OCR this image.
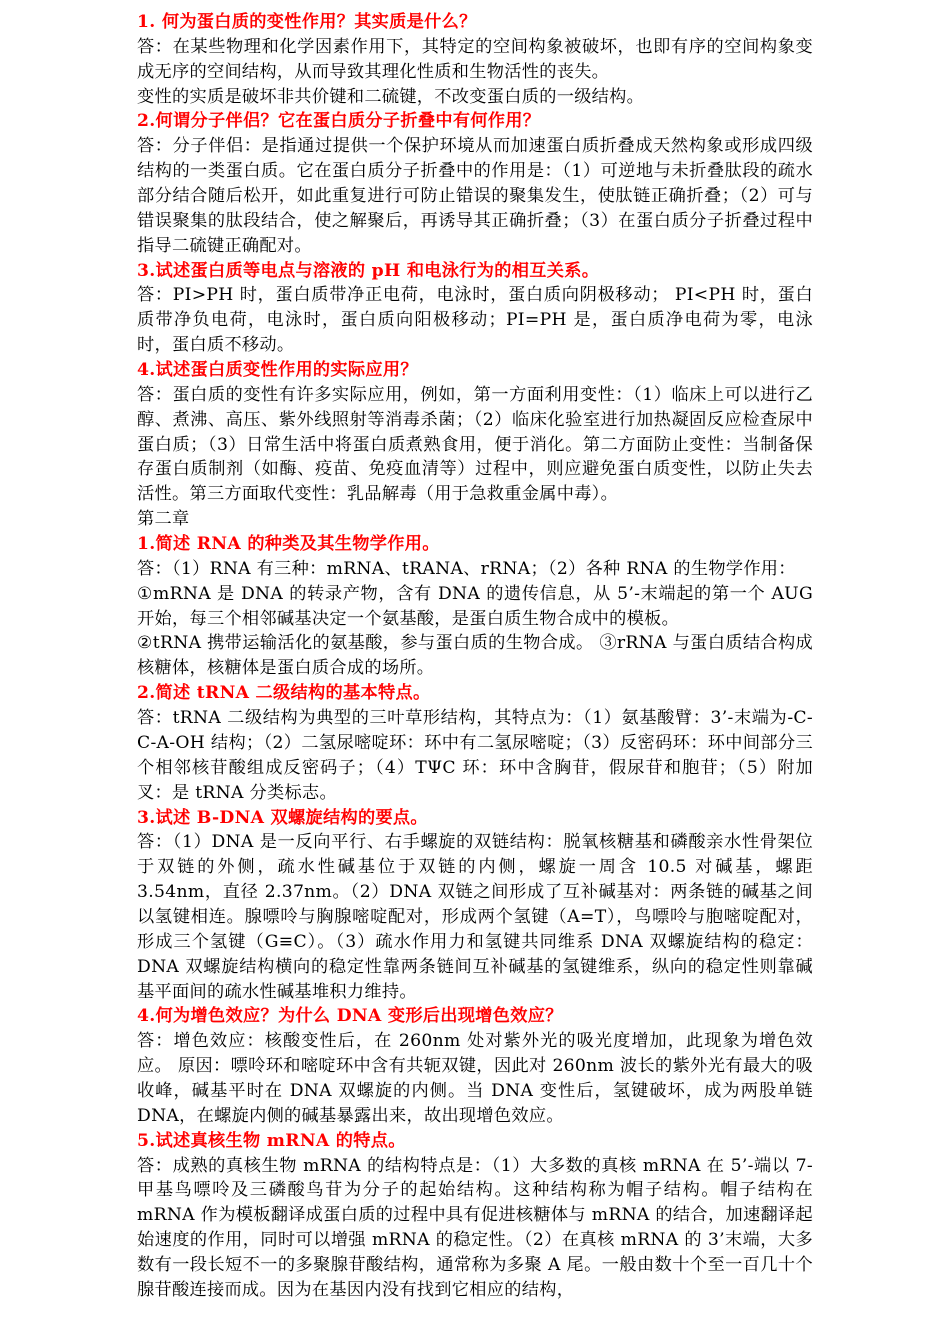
1. 何为蛋白质的变性作用？其实质是什么？

答：在某些物理和化学因素作用下，其特定的空间构象被破坏，也即有序的空间构象变成无序的空间结构，从而导致其理化性质和生物活性的丧失。

变性的实质是破坏非共价键和二硫键，不改变蛋白质的一级结构。

2.何谓分子伴侣？它在蛋白质分子折叠中有何作用？

答：分子伴侣：是指通过提供一个保护环境从而加速蛋白质折叠成天然构象或形成四级结构的一类蛋白质。它在蛋白质分子折叠中的作用是：（1）可逆地与未折叠肽段的疏水部分结合随后松开，如此重复进行可防止错误的聚集发生，使肽链正确折叠；（2）可与错误聚集的肽段结合，使之解聚后，再诱导其正确折叠；（3）在蛋白质分子折叠过程中指导二硫键正确配对。

3.试述蛋白质等电点与溶液的 pH 和电泳行为的相互关系。

答：PI>PH 时，蛋白质带净正电荷，电泳时，蛋白质向阴极移动； PI<PH 时，蛋白质带净负电荷，电泳时，蛋白质向阳极移动；PI=PH 是，蛋白质净电荷为零，电泳时，蛋白质不移动。

4.试述蛋白质变性作用的实际应用？

答：蛋白质的变性有许多实际应用，例如，第一方面利用变性：（1）临床上可以进行乙醇、煮沸、高压、紫外线照射等消毒杀菌；（2）临床化验室进行加热凝固反应检查尿中蛋白质；（3）日常生活中将蛋白质煮熟食用，便于消化。第二方面防止变性：当制备保存蛋白质制剂（如酶、疫苗、免疫血清等）过程中，则应避免蛋白质变性，以防止失去活性。第三方面取代变性：乳品解毒（用于急救重金属中毒）。

第二章

1.简述 RNA 的种类及其生物学作用。

答：（1）RNA 有三种：mRNA、tRANA、rRNA；（2）各种 RNA 的生物学作用：

①mRNA 是 DNA 的转录产物，含有 DNA 的遗传信息，从 5’-末端起的第一个 AUG 开始，每三个相邻碱基决定一个氨基酸，是蛋白质生物合成中的模板。

②tRNA 携带运输活化的氨基酸，参与蛋白质的生物合成。 ③rRNA 与蛋白质结合构成核糖体，核糖体是蛋白质合成的场所。

2.简述 tRNA 二级结构的基本特点。

答：tRNA 二级结构为典型的三叶草形结构，其特点为：（1）氨基酸臂：3’-末端为-C-C-A-OH 结构；（2）二氢尿嘧啶环：环中有二氢尿嘧啶；（3）反密码环：环中间部分三个相邻核苷酸组成反密码子；（4）TΨC 环：环中含胸苷，假尿苷和胞苷；（5）附加叉：是 tRNA 分类标志。

3.试述 B-DNA 双螺旋结构的要点。

答：（1）DNA 是一反向平行、右手螺旋的双链结构：脱氧核糖基和磷酸亲水性骨架位于双链的外侧，疏水性碱基位于双链的内侧，螺旋一周含 10.5 对碱基，螺距 3.54nm，直径 2.37nm。（2）DNA 双链之间形成了互补碱基对：两条链的碱基之间以氢键相连。腺嘌呤与胸腺嘧啶配对，形成两个氢键（A=T），鸟嘌呤与胞嘧啶配对，形成三个氢键（G≡C）。（3）疏水作用力和氢键共同维系 DNA 双螺旋结构的稳定：DNA 双螺旋结构横向的稳定性靠两条链间互补碱基的氢键维系，纵向的稳定性则靠碱基平面间的疏水性碱基堆积力维持。

4.何为增色效应？为什么 DNA 变形后出现增色效应？

答：增色效应：核酸变性后，在 260nm 处对紫外光的吸光度增加，此现象为增色效应。 原因：嘌呤环和嘧啶环中含有共轭双键，因此对 260nm 波长的紫外光有最大的吸收峰，碱基平时在 DNA 双螺旋的内侧。当 DNA 变性后，氢键破坏，成为两股单链 DNA，在螺旋内侧的碱基暴露出来，故出现增色效应。

5.试述真核生物 mRNA 的特点。

答：成熟的真核生物 mRNA 的结构特点是：（1）大多数的真核 mRNA 在 5’-端以 7-甲基鸟嘌呤及三磷酸鸟苷为分子的起始结构。这种结构称为帽子结构。帽子结构在 mRNA 作为模板翻译成蛋白质的过程中具有促进核糖体与 mRNA 的结合，加速翻译起始速度的作用，同时可以增强 mRNA 的稳定性。（2）在真核 mRNA 的 3’末端，大多数有一段长短不一的多聚腺苷酸结构，通常称为多聚 A 尾。一般由数十个至一百几十个腺苷酸连接而成。因为在基因内没有找到它相应的结构，
